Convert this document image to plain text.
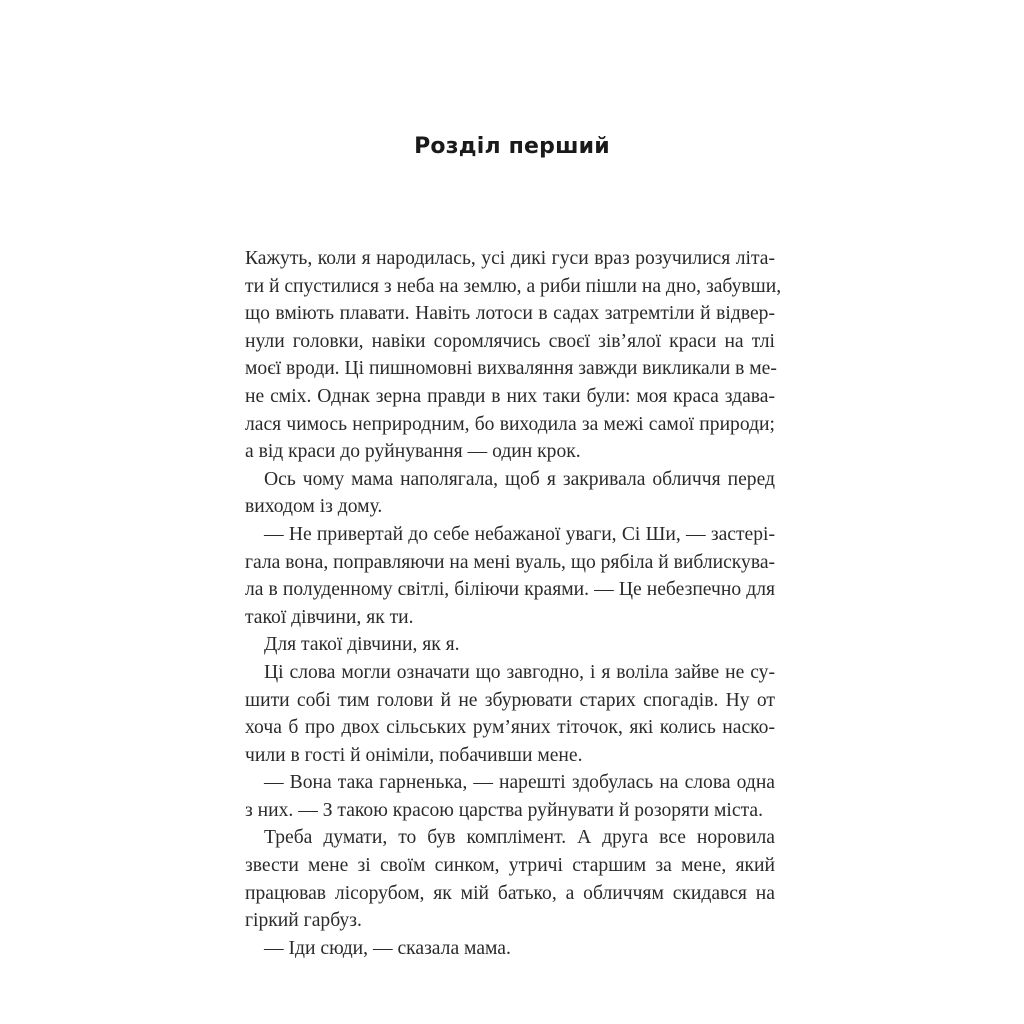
Розділ перший
Кажуть, коли я народилась, усі дикі гуси враз розучилися літа-
ти й спустилися з неба на землю, а риби пішли на дно, забувши,
що вміють плавати. Навіть лотоси в садах затремтіли й відвер-
нули головки, навіки соромлячись своєї зів’ялої краси на тлі
моєї вроди. Ці пишномовні вихваляння завжди викликали в ме-
не сміх. Однак зерна правди в них таки були: моя краса здава-
лася чимось неприродним, бо виходила за межі самої природи;
а від краси до руйнування — один крок.
Ось чому мама наполягала, щоб я закривала обличчя перед
виходом із дому.
— Не привертай до себе небажаної уваги, Сі Ши, — застері-
гала вона, поправляючи на мені вуаль, що рябіла й виблискува-
ла в полуденному світлі, біліючи краями. — Це небезпечно для
такої дівчини, як ти.
Для такої дівчини, як я.
Ці слова могли означати що завгодно, і я воліла зайве не су-
шити собі тим голови й не збурювати старих спогадів. Ну от
хоча б про двох сільських рум’яних тіточок, які колись наско-
чили в гості й оніміли, побачивши мене.
— Вона така гарненька, — нарешті здобулась на слова одна
з них. — З такою красою царства руйнувати й розоряти міста.
Треба думати, то був комплімент. А друга все норовила
звести мене зі своїм синком, утричі старшим за мене, який
працював лісорубом, як мій батько, а обличчям скидався на
гіркий гарбуз.
— Іди сюди, — сказала мама.
